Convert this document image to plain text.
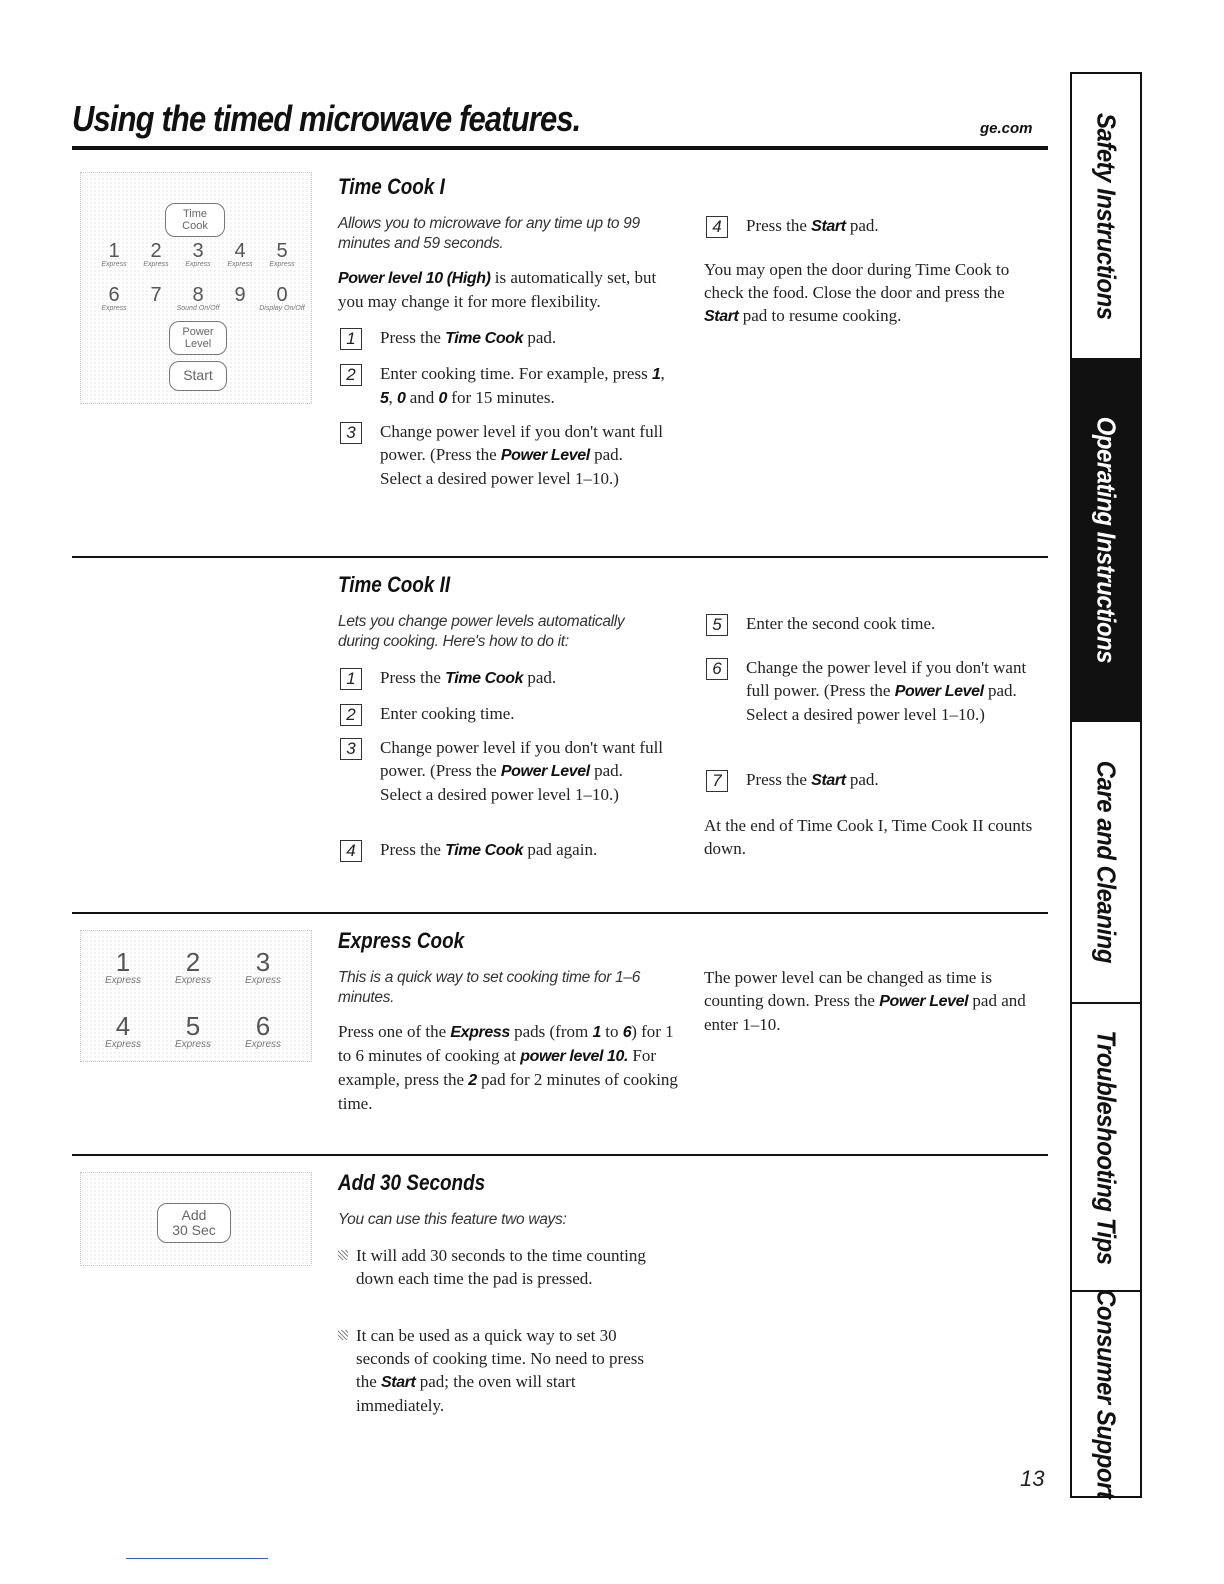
Using the timed microwave features.	ge.com Safety Instructions
Operating Instructions
Care and Cleaning
Troubleshooting Tips
Consumer Support
Time
Cook
1
Express
2
Express
3
Express
4
Express
5
Express
6
Express
7	8
Sound On/Off
9	0
Display On/Off
Power
Level
Start
Time Cook I

Allows you to microwave for any time up to 99 minutes and 59 seconds.

Power level 10 (High) is automatically set, but you may change it for more flexibility.

1	Press the Time Cook pad.
2	Enter cooking time. For example, press 1, 5, 0 and 0 for 15 minutes.
3	Change power level if you don't want full power. (Press the Power Level pad. Select a desired power level 1–10.)
4	Press the Start pad.

You may open the door during Time Cook to check the food. Close the door and press the Start pad to resume cooking.

Time Cook II

Lets you change power levels automatically during cooking. Here's how to do it:

1	Press the Time Cook pad.
2	Enter cooking time.
3	Change power level if you don't want full power. (Press the Power Level pad. Select a desired power level 1–10.)
4	Press the Time Cook pad again.
5	Enter the second cook time.
6	Change the power level if you don't want full power. (Press the Power Level pad. Select a desired power level 1–10.)
7	Press the Start pad.

At the end of Time Cook I, Time Cook II counts down.

1
Express
2
Express
3
Express
4
Express
5
Express
6
Express
Express Cook

This is a quick way to set cooking time for 1–6 minutes.

Press one of the Express pads (from 1 to 6) for 1 to 6 minutes of cooking at power level 10. For example, press the 2 pad for 2 minutes of cooking time.

The power level can be changed as time is counting down. Press the Power Level pad and enter 1–10.

Add
30 Sec
Add 30 Seconds

You can use this feature two ways:

It will add 30 seconds to the time counting down each time the pad is pressed.
It can be used as a quick way to set 30 seconds of cooking time. No need to press the Start pad; the oven will start immediately.
13
